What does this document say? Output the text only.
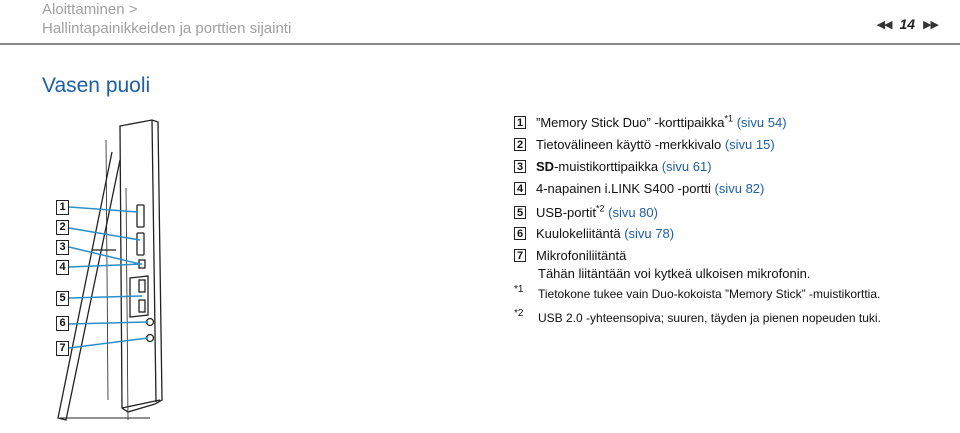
Aloittaminen >
Hallintapainikkeiden ja porttien sijainti	◀◀ 14 ▶▶
Vasen puoli
1
2
3
4
5
6
7
1 ”Memory Stick Duo” -korttipaikka$^{*1}$ (sivu 54)
2 Tietovälineen käyttö -merkkivalo (sivu 15)
3 SD-muistikorttipaikka (sivu 61)
4 4-napainen i.LINK S400 -portti (sivu 82)
5 USB-portit$^{*2}$ (sivu 80)
6 Kuulokeliitäntä (sivu 78)
7 Mikrofoniliitäntä
Tähän liitäntään voi kytkeä ulkoisen mikrofonin.
*1	Tietokone tukee vain Duo-kokoista ”Memory Stick” -muistikorttia.
*2	USB 2.0 -yhteensopiva; suuren, täyden ja pienen nopeuden tuki.
